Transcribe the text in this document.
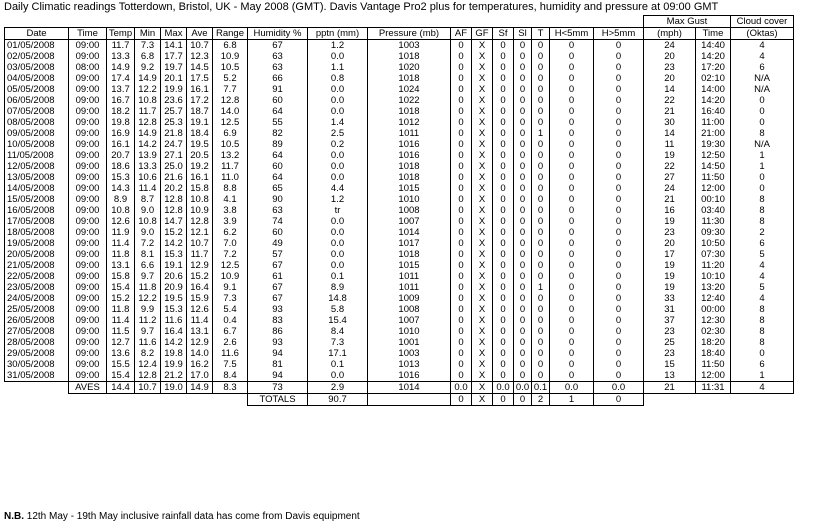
Daily Climatic readings Totterdown, Bristol, UK - May 2008 (GMT). Davis Vantage Pro2 plus for temperatures, humidity and pressure at 09:00 GMT
																	Max Gust		Cloud cover
Date	Time	Temp	Min	Max	Ave	Range	Humidity %	pptn (mm)	Pressure (mb)	AF	GF	Sf	Sl	T	H<5mm	H>5mm	(mph)	Time	(Oktas)
01/05/2008	09:00	11.7	7.3	14.1	10.7	6.8	67	1.2	1003	0	X	0	0	0	0	0	24	14:40	4
02/05/2008	09:00	13.3	6.8	17.7	12.3	10.9	63	0.0	1018	0	X	0	0	0	0	0	20	14:20	4
03/05/2008	08:00	14.9	9.2	19.7	14.5	10.5	63	1.1	1020	0	X	0	0	0	0	0	23	17:20	6
04/05/2008	09:00	17.4	14.9	20.1	17.5	5.2	66	0.8	1018	0	X	0	0	0	0	0	20	02:10	N/A
05/05/2008	09:00	13.7	12.2	19.9	16.1	7.7	91	0.0	1024	0	X	0	0	0	0	0	14	14:00	N/A
06/05/2008	09:00	16.7	10.8	23.6	17.2	12.8	60	0.0	1022	0	X	0	0	0	0	0	22	14:20	0
07/05/2008	09:00	18.2	11.7	25.7	18.7	14.0	64	0.0	1018	0	X	0	0	0	0	0	21	16:40	0
08/05/2008	09:00	19.8	12.8	25.3	19.1	12.5	55	1.4	1012	0	X	0	0	0	0	0	30	11:00	0
09/05/2008	09:00	16.9	14.9	21.8	18.4	6.9	82	2.5	1011	0	X	0	0	1	0	0	14	21:00	8
10/05/2008	09:00	16.1	14.2	24.7	19.5	10.5	89	0.2	1016	0	X	0	0	0	0	0	11	19:30	N/A
11/05/2008	09:00	20.7	13.9	27.1	20.5	13.2	64	0.0	1016	0	X	0	0	0	0	0	19	12:50	1
12/05/2008	09:00	18.6	13.3	25.0	19.2	11.7	60	0.0	1018	0	X	0	0	0	0	0	22	14:50	1
13/05/2008	09:00	15.3	10.6	21.6	16.1	11.0	64	0.0	1018	0	X	0	0	0	0	0	27	11:50	0
14/05/2008	09:00	14.3	11.4	20.2	15.8	8.8	65	4.4	1015	0	X	0	0	0	0	0	24	12:00	0
15/05/2008	09:00	8.9	8.7	12.8	10.8	4.1	90	1.2	1010	0	X	0	0	0	0	0	21	00:10	8
16/05/2008	09:00	10.8	9.0	12.8	10.9	3.8	63	tr	1008	0	X	0	0	0	0	0	16	03:40	8
17/05/2008	09:00	12.6	10.8	14.7	12.8	3.9	74	0.0	1007	0	X	0	0	0	0	0	19	11:30	8
18/05/2008	09:00	11.9	9.0	15.2	12.1	6.2	60	0.0	1014	0	X	0	0	0	0	0	23	09:30	2
19/05/2008	09:00	11.4	7.2	14.2	10.7	7.0	49	0.0	1017	0	X	0	0	0	0	0	20	10:50	6
20/05/2008	09:00	11.8	8.1	15.3	11.7	7.2	57	0.0	1018	0	X	0	0	0	0	0	17	07:30	5
21/05/2008	09:00	13.1	6.6	19.1	12.9	12.5	67	0.0	1015	0	X	0	0	0	0	0	19	11:20	4
22/05/2008	09:00	15.8	9.7	20.6	15.2	10.9	61	0.1	1011	0	X	0	0	0	0	0	19	10:10	4
23/05/2008	09:00	15.4	11.8	20.9	16.4	9.1	67	8.9	1011	0	X	0	0	1	0	0	19	13:20	5
24/05/2008	09:00	15.2	12.2	19.5	15.9	7.3	67	14.8	1009	0	X	0	0	0	0	0	33	12:40	4
25/05/2008	09:00	11.8	9.9	15.3	12.6	5.4	93	5.8	1008	0	X	0	0	0	0	0	31	00:00	8
26/05/2008	09:00	11.4	11.2	11.6	11.4	0.4	83	15.4	1007	0	X	0	0	0	0	0	37	12:30	8
27/05/2008	09:00	11.5	9.7	16.4	13.1	6.7	86	8.4	1010	0	X	0	0	0	0	0	23	02:30	8
28/05/2008	09:00	12.7	11.6	14.2	12.9	2.6	93	7.3	1001	0	X	0	0	0	0	0	25	18:20	8
29/05/2008	09:00	13.6	8.2	19.8	14.0	11.6	94	17.1	1003	0	X	0	0	0	0	0	23	18:40	0
30/05/2008	09:00	15.5	12.4	19.9	16.2	7.5	81	0.1	1013	0	X	0	0	0	0	0	15	11:50	6
31/05/2008	09:00	15.4	12.8	21.2	17.0	8.4	94	0.0	1016	0	X	0	0	0	0	0	13	12:00	1
	AVES	14.4	10.7	19.0	14.9	8.3	73	2.9	1014	0.0	X	0.0	0.0	0.1	0.0	0.0	21	11:31	4
							TOTALS	90.7		0	X	0	0	2	1	0			
N.B. 12th May - 19th May inclusive rainfall data has come from Davis equipment
